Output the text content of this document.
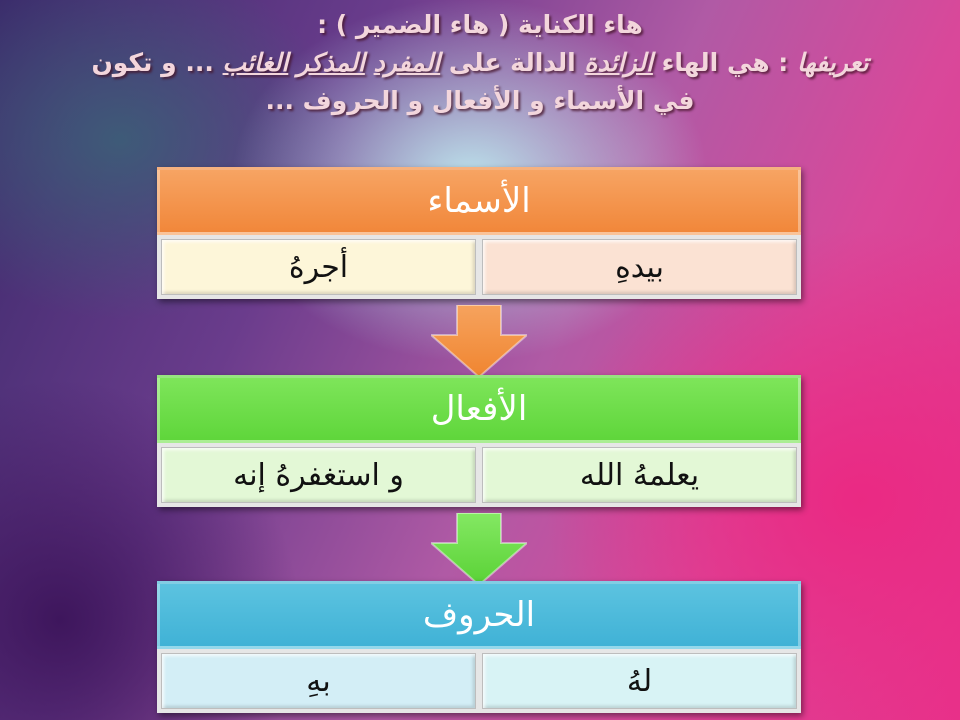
هاء الكناية ( هاء الضمير ) :
تعريفها : هي الهاء الزائدة الدالة على المفرد المذكر الغائب ... و تكون
في الأسماء و الأفعال و الحروف ...
الأسماء
بيدهِ
أجرهُ
الأفعال
يعلمهُ الله
و استغفرهُ إنه
الحروف
لهُ
بهِ
